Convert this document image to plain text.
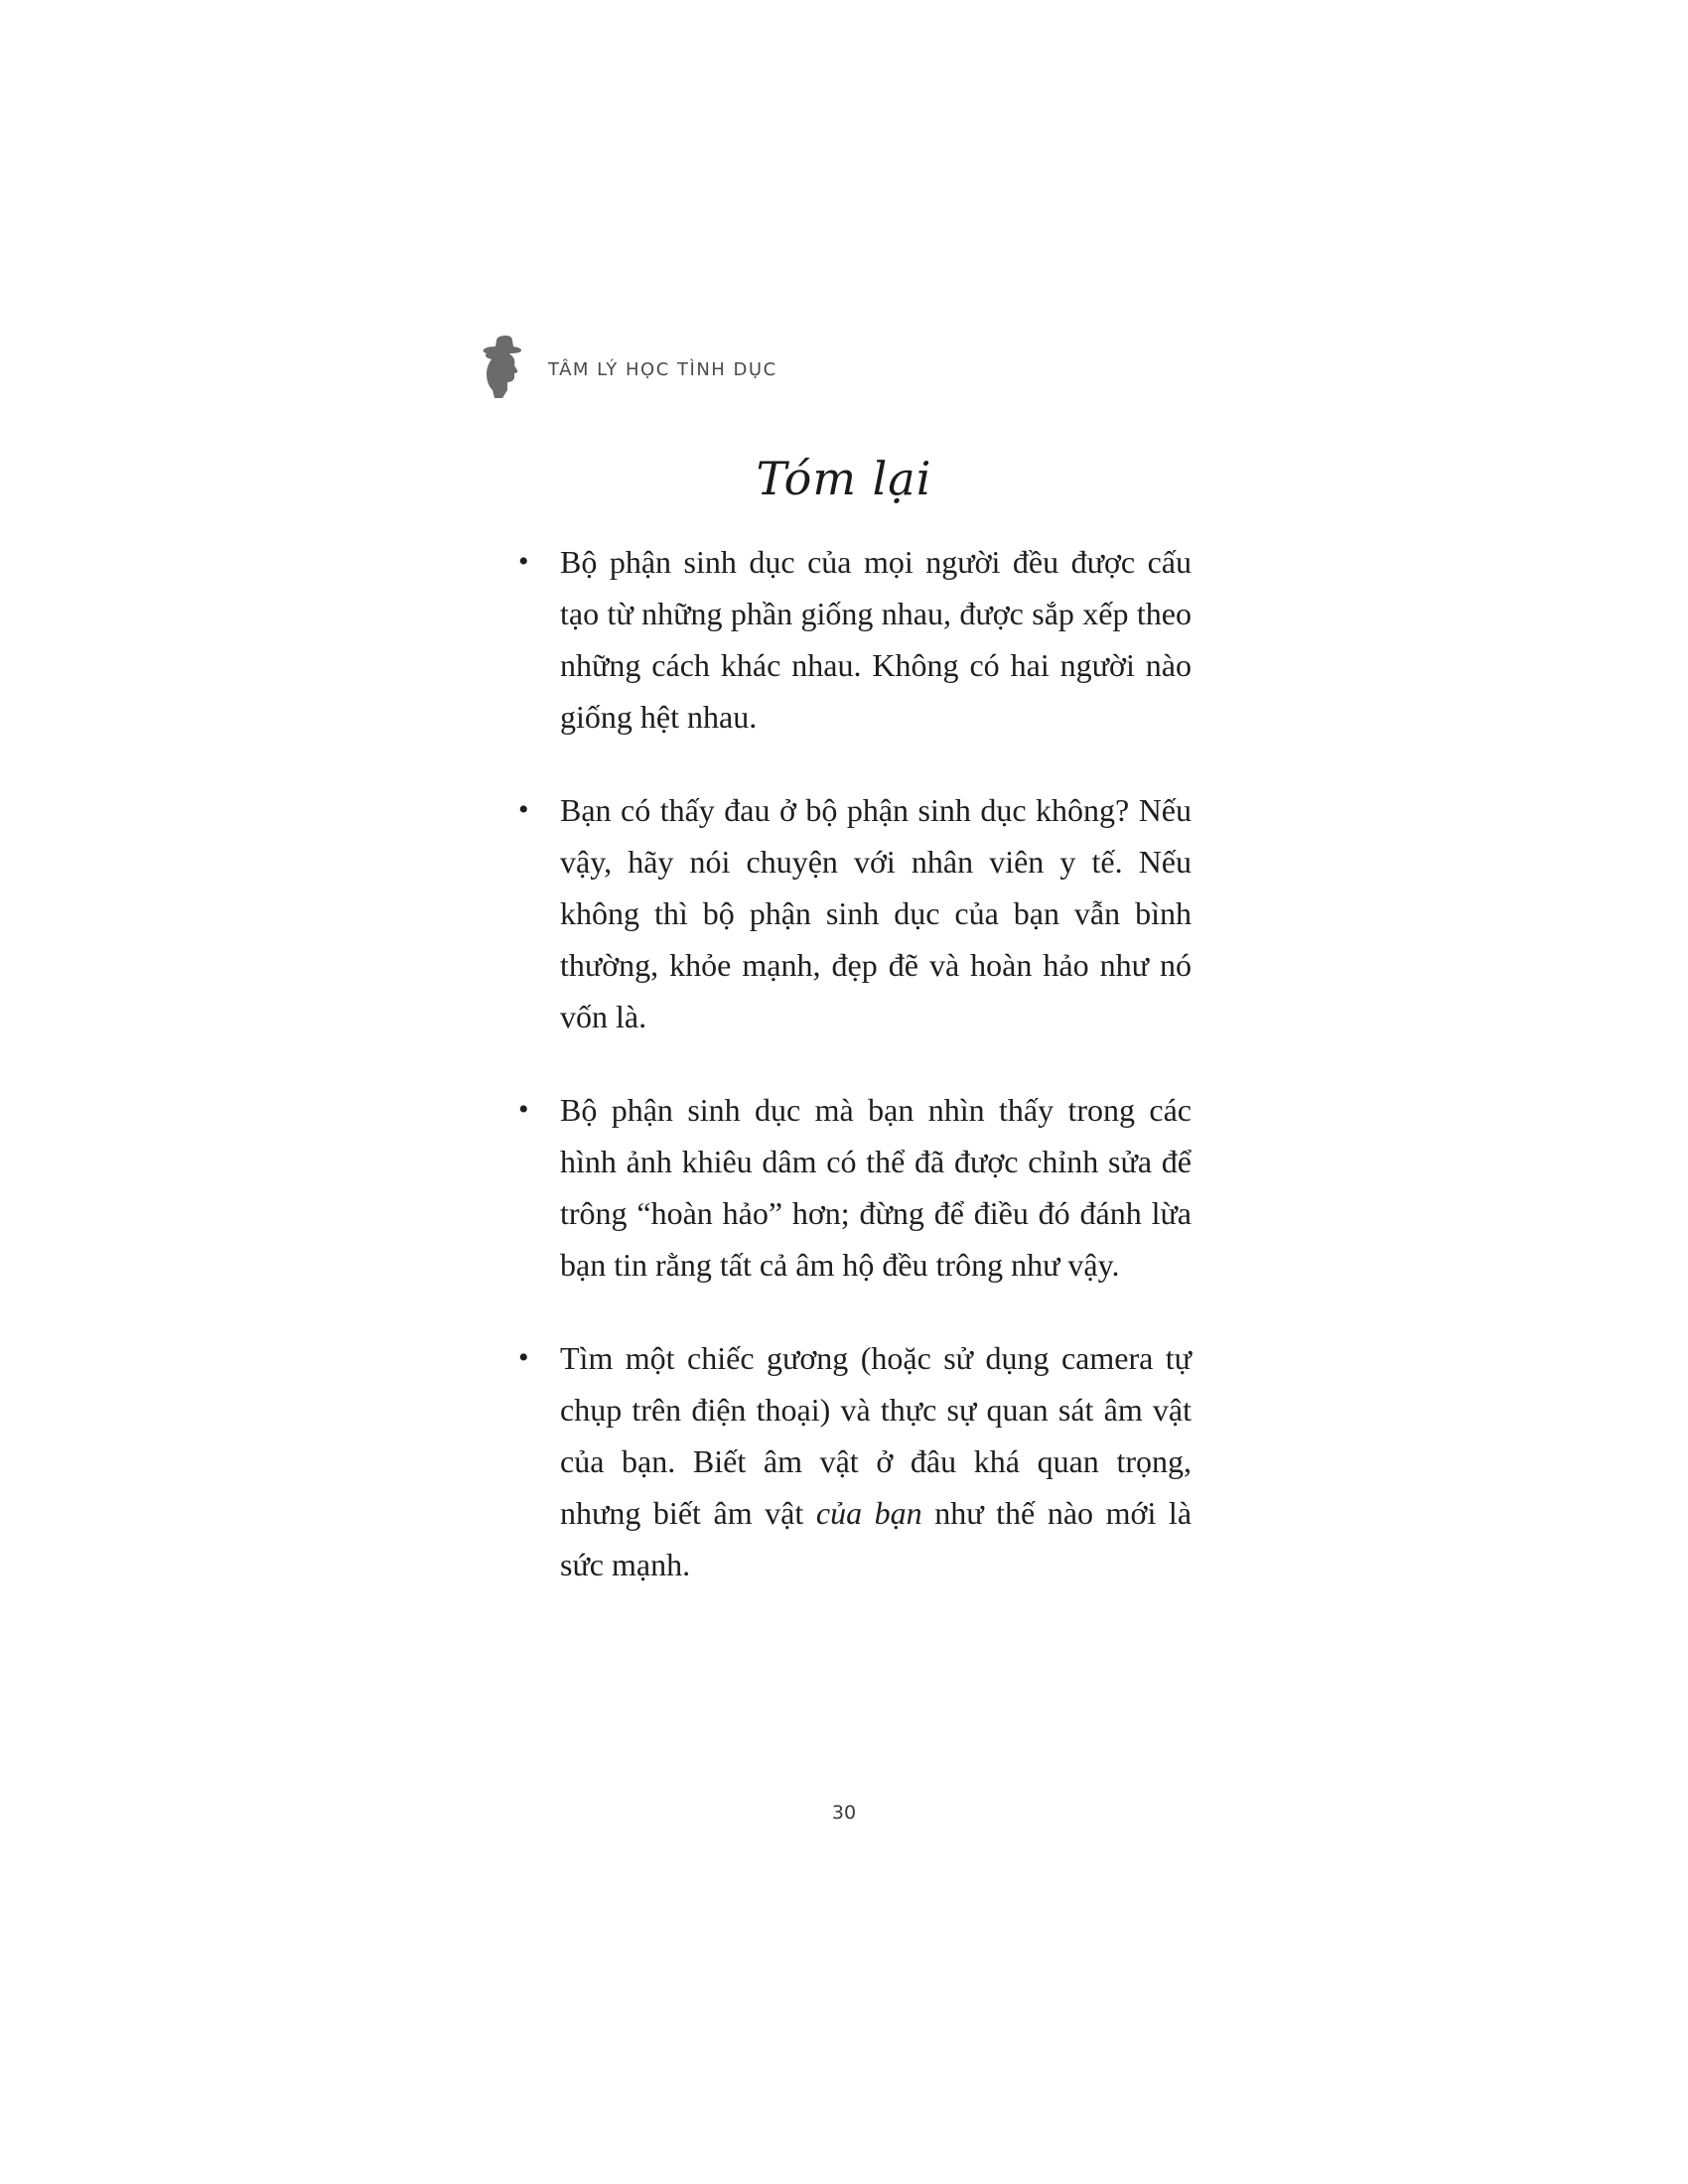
TÂM LÝ HỌC TÌNH DỤC
Tóm lại
• Bộ phận sinh dục của mọi người đều được cấu tạo từ những phần giống nhau, được sắp xếp theo những cách khác nhau. Không có hai người nào giống hệt nhau.
• Bạn có thấy đau ở bộ phận sinh dục không? Nếu vậy, hãy nói chuyện với nhân viên y tế. Nếu không thì bộ phận sinh dục của bạn vẫn bình thường, khỏe mạnh, đẹp đẽ và hoàn hảo như nó vốn là.
• Bộ phận sinh dục mà bạn nhìn thấy trong các hình ảnh khiêu dâm có thể đã được chỉnh sửa để trông “hoàn hảo” hơn; đừng để điều đó đánh lừa bạn tin rằng tất cả âm hộ đều trông như vậy.
• Tìm một chiếc gương (hoặc sử dụng camera tự chụp trên điện thoại) và thực sự quan sát âm vật của bạn. Biết âm vật ở đâu khá quan trọng, nhưng biết âm vật của bạn như thế nào mới là sức mạnh.
30
